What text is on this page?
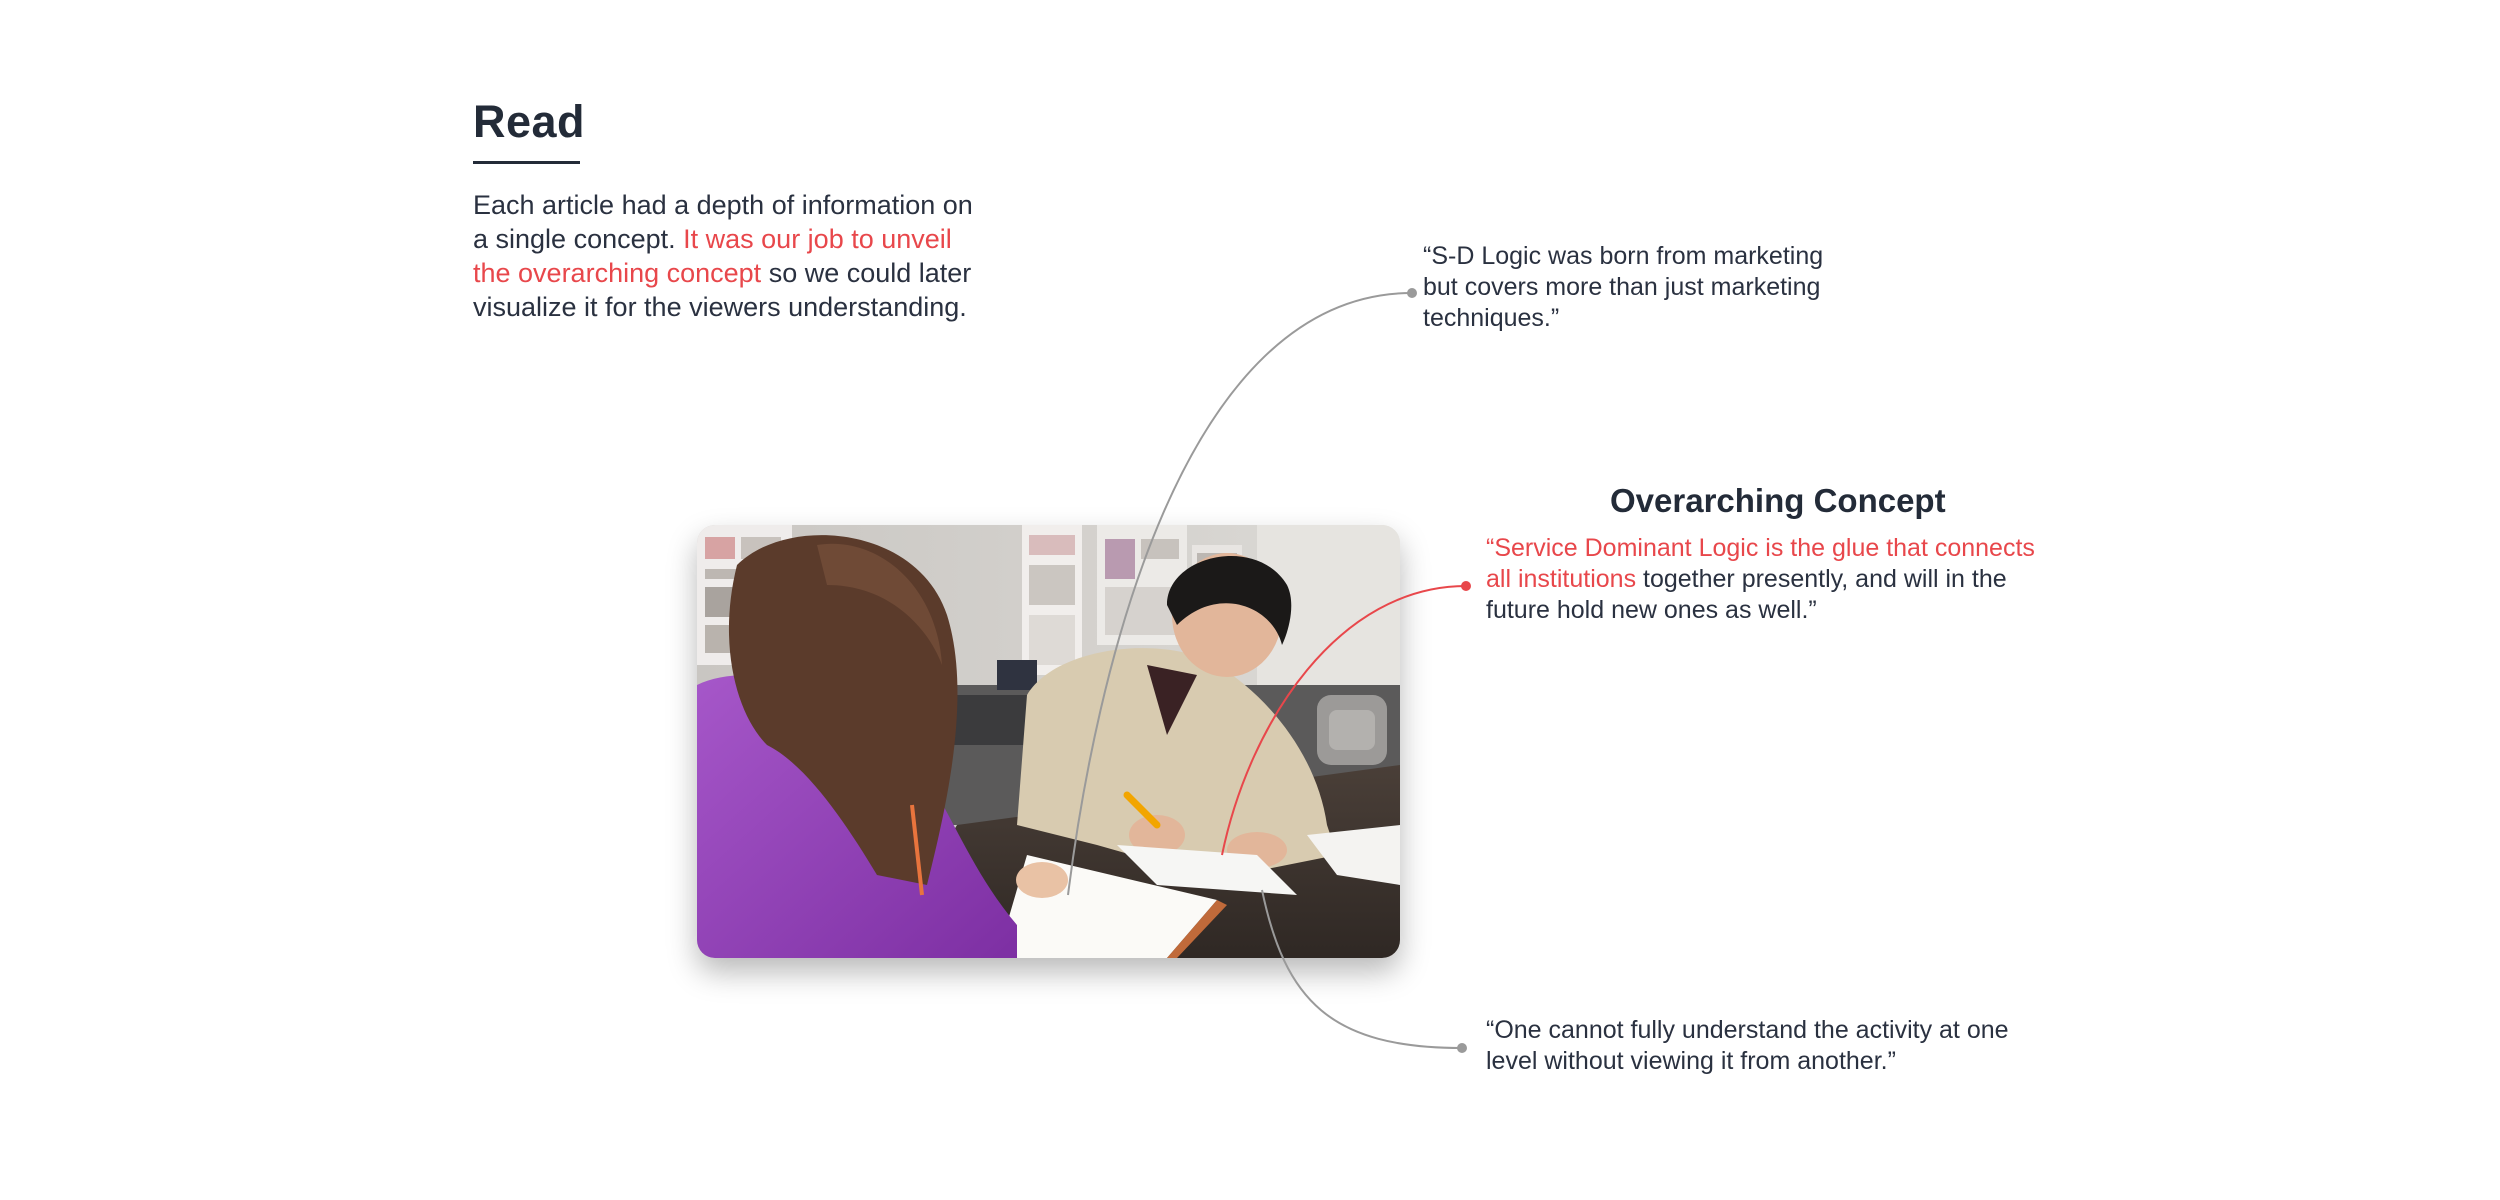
Read

Each article had a depth of information on a single concept. It was our job to unveil the overarching concept so we could later visualize it for the viewers understanding.

“S-D Logic was born from marketing but covers more than just marketing techniques.”

Overarching Concept

“Service Dominant Logic is the glue that connects all institutions together presently, and will in the future hold new ones as well.”

“One cannot fully understand the activity at one level without viewing it from another.”
